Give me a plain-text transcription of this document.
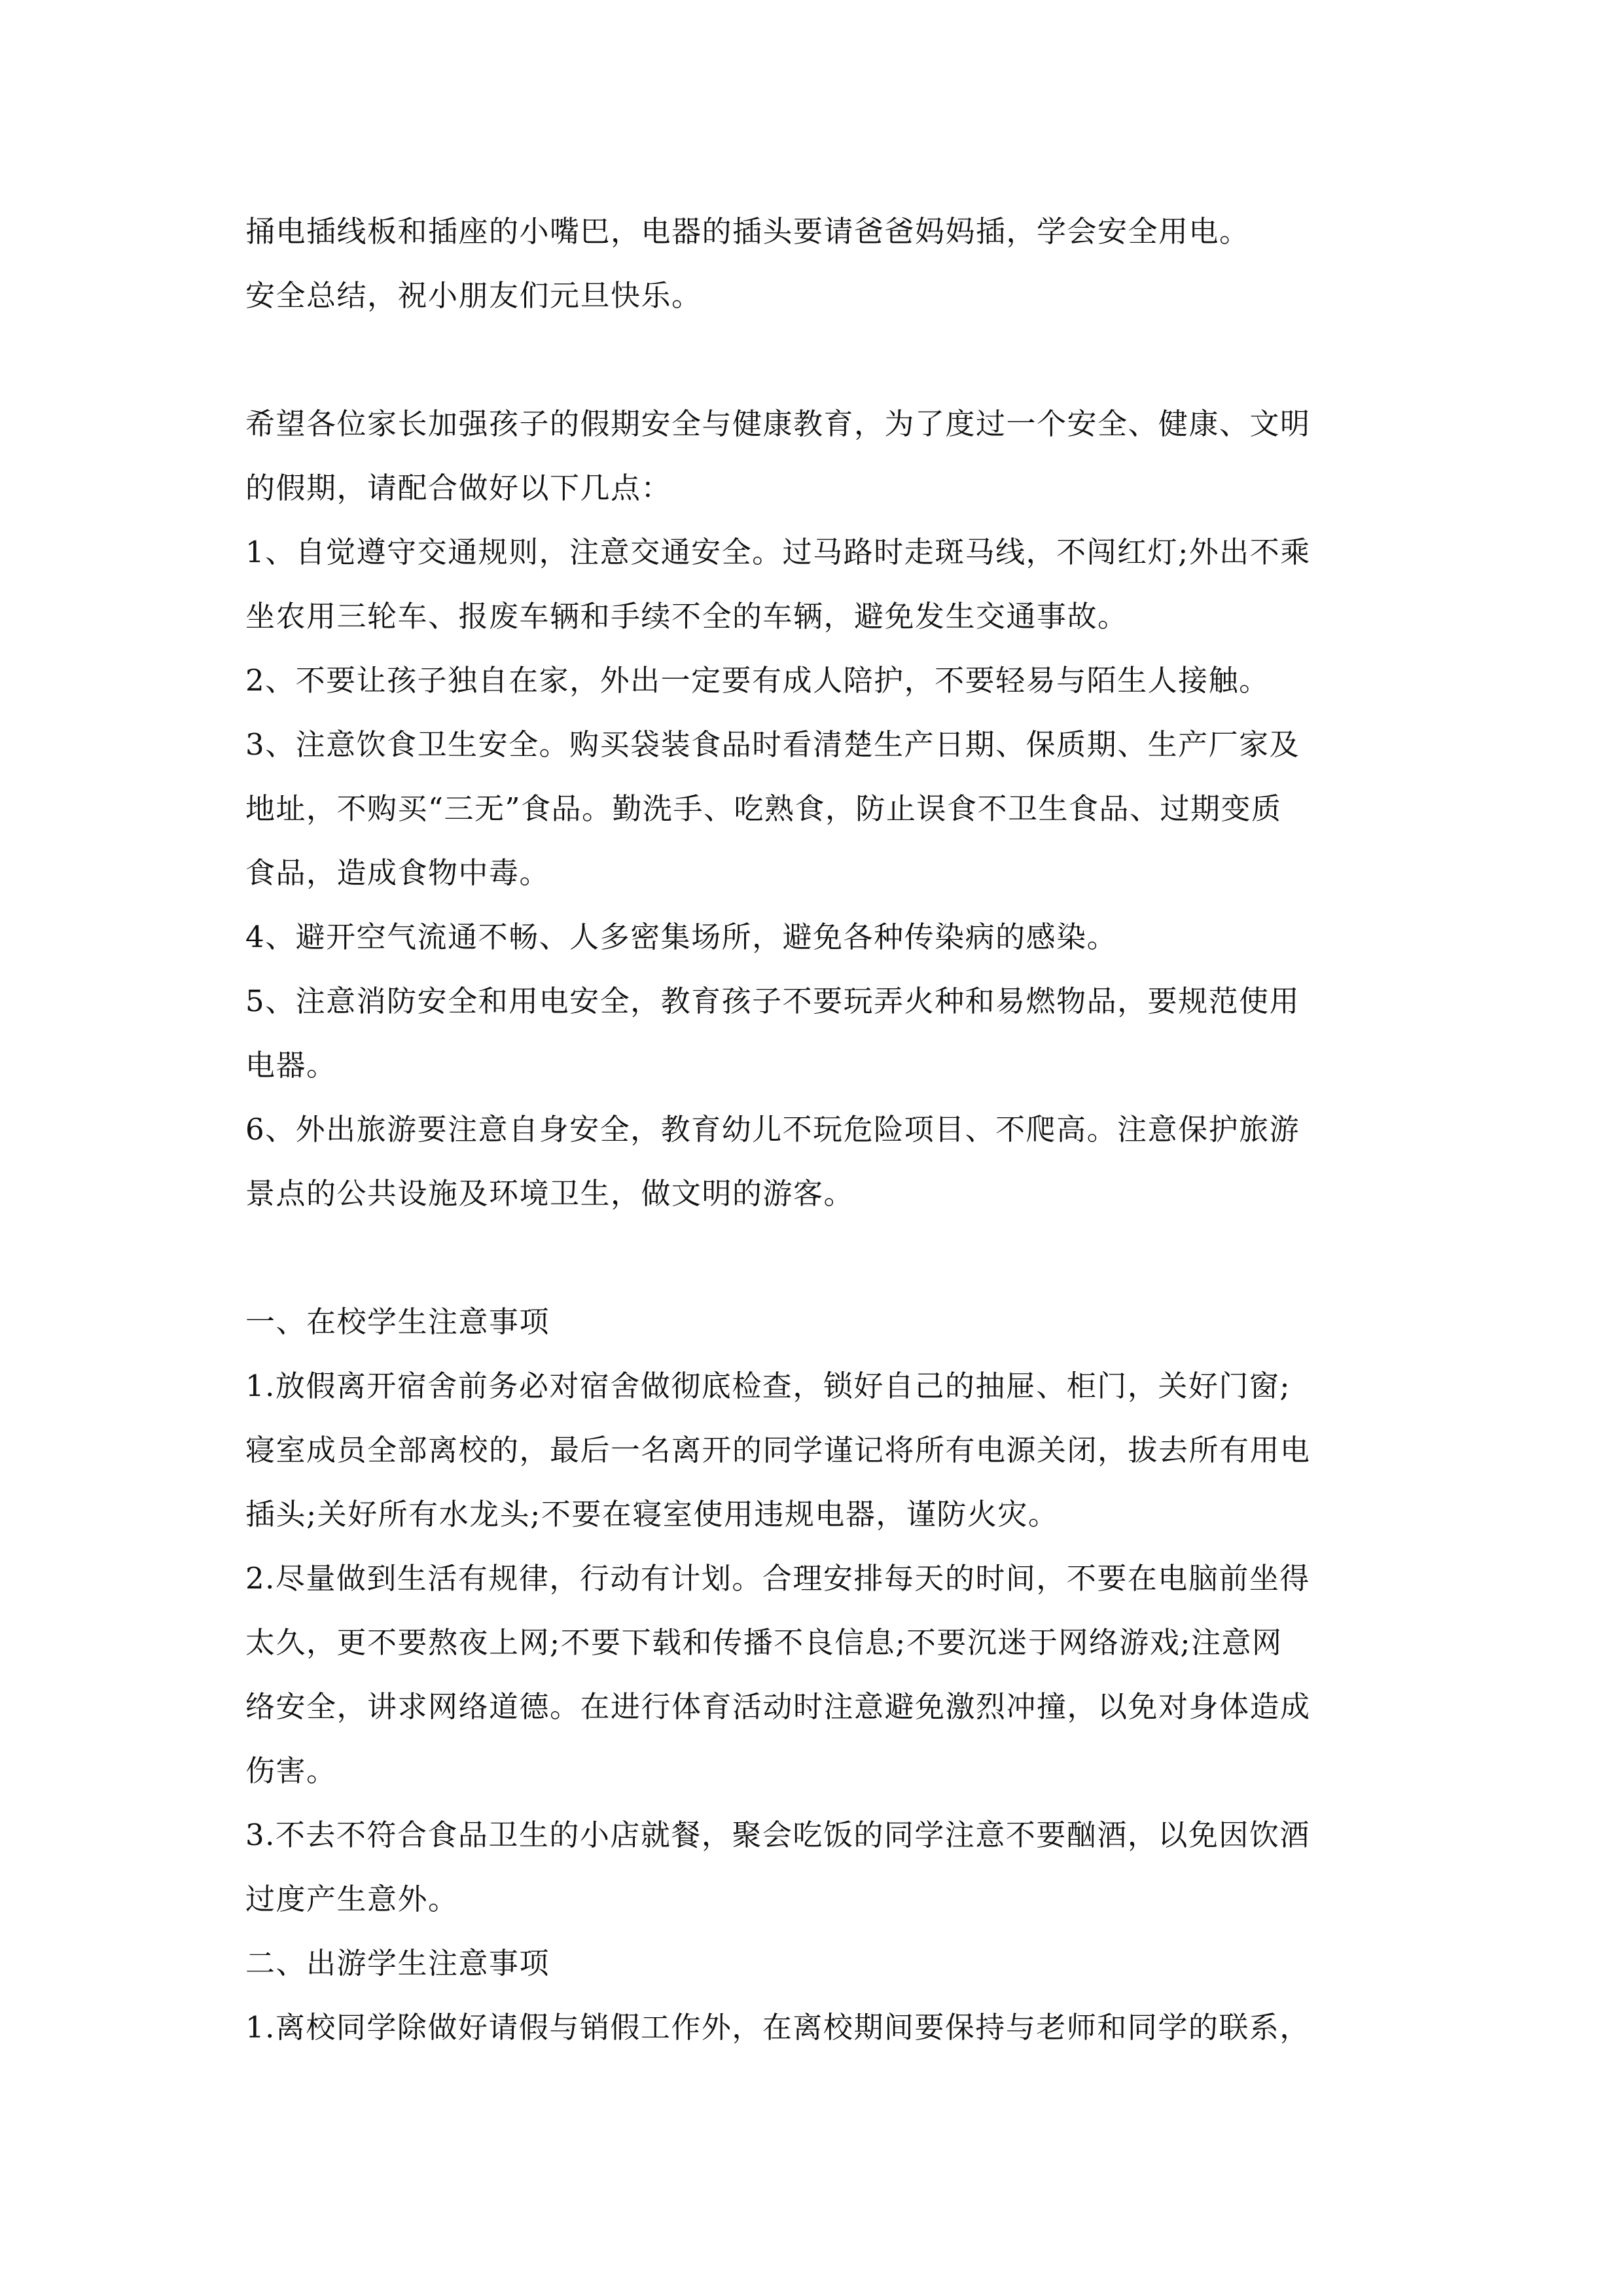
捅电插线板和插座的小嘴巴，电器的插头要请爸爸妈妈插，学会安全用电。
安全总结，祝小朋友们元旦快乐。
希望各位家长加强孩子的假期安全与健康教育，为了度过一个安全、健康、文明
的假期，请配合做好以下几点：
1、自觉遵守交通规则，注意交通安全。过马路时走斑马线，不闯红灯;外出不乘
坐农用三轮车、报废车辆和手续不全的车辆，避免发生交通事故。
2、不要让孩子独自在家，外出一定要有成人陪护，不要轻易与陌生人接触。
3、注意饮食卫生安全。购买袋装食品时看清楚生产日期、保质期、生产厂家及
地址，不购买“三无”食品。勤洗手、吃熟食，防止误食不卫生食品、过期变质
食品，造成食物中毒。
4、避开空气流通不畅、人多密集场所，避免各种传染病的感染。
5、注意消防安全和用电安全，教育孩子不要玩弄火种和易燃物品，要规范使用
电器。
6、外出旅游要注意自身安全，教育幼儿不玩危险项目、不爬高。注意保护旅游
景点的公共设施及环境卫生，做文明的游客。
一、在校学生注意事项
1.放假离开宿舍前务必对宿舍做彻底检查，锁好自己的抽屉、柜门，关好门窗;
寝室成员全部离校的，最后一名离开的同学谨记将所有电源关闭，拔去所有用电
插头;关好所有水龙头;不要在寝室使用违规电器，谨防火灾。
2.尽量做到生活有规律，行动有计划。合理安排每天的时间，不要在电脑前坐得
太久，更不要熬夜上网;不要下载和传播不良信息;不要沉迷于网络游戏;注意网
络安全，讲求网络道德。在进行体育活动时注意避免激烈冲撞，以免对身体造成
伤害。
3.不去不符合食品卫生的小店就餐，聚会吃饭的同学注意不要酗酒，以免因饮酒
过度产生意外。
二、出游学生注意事项
1.离校同学除做好请假与销假工作外，在离校期间要保持与老师和同学的联系，
